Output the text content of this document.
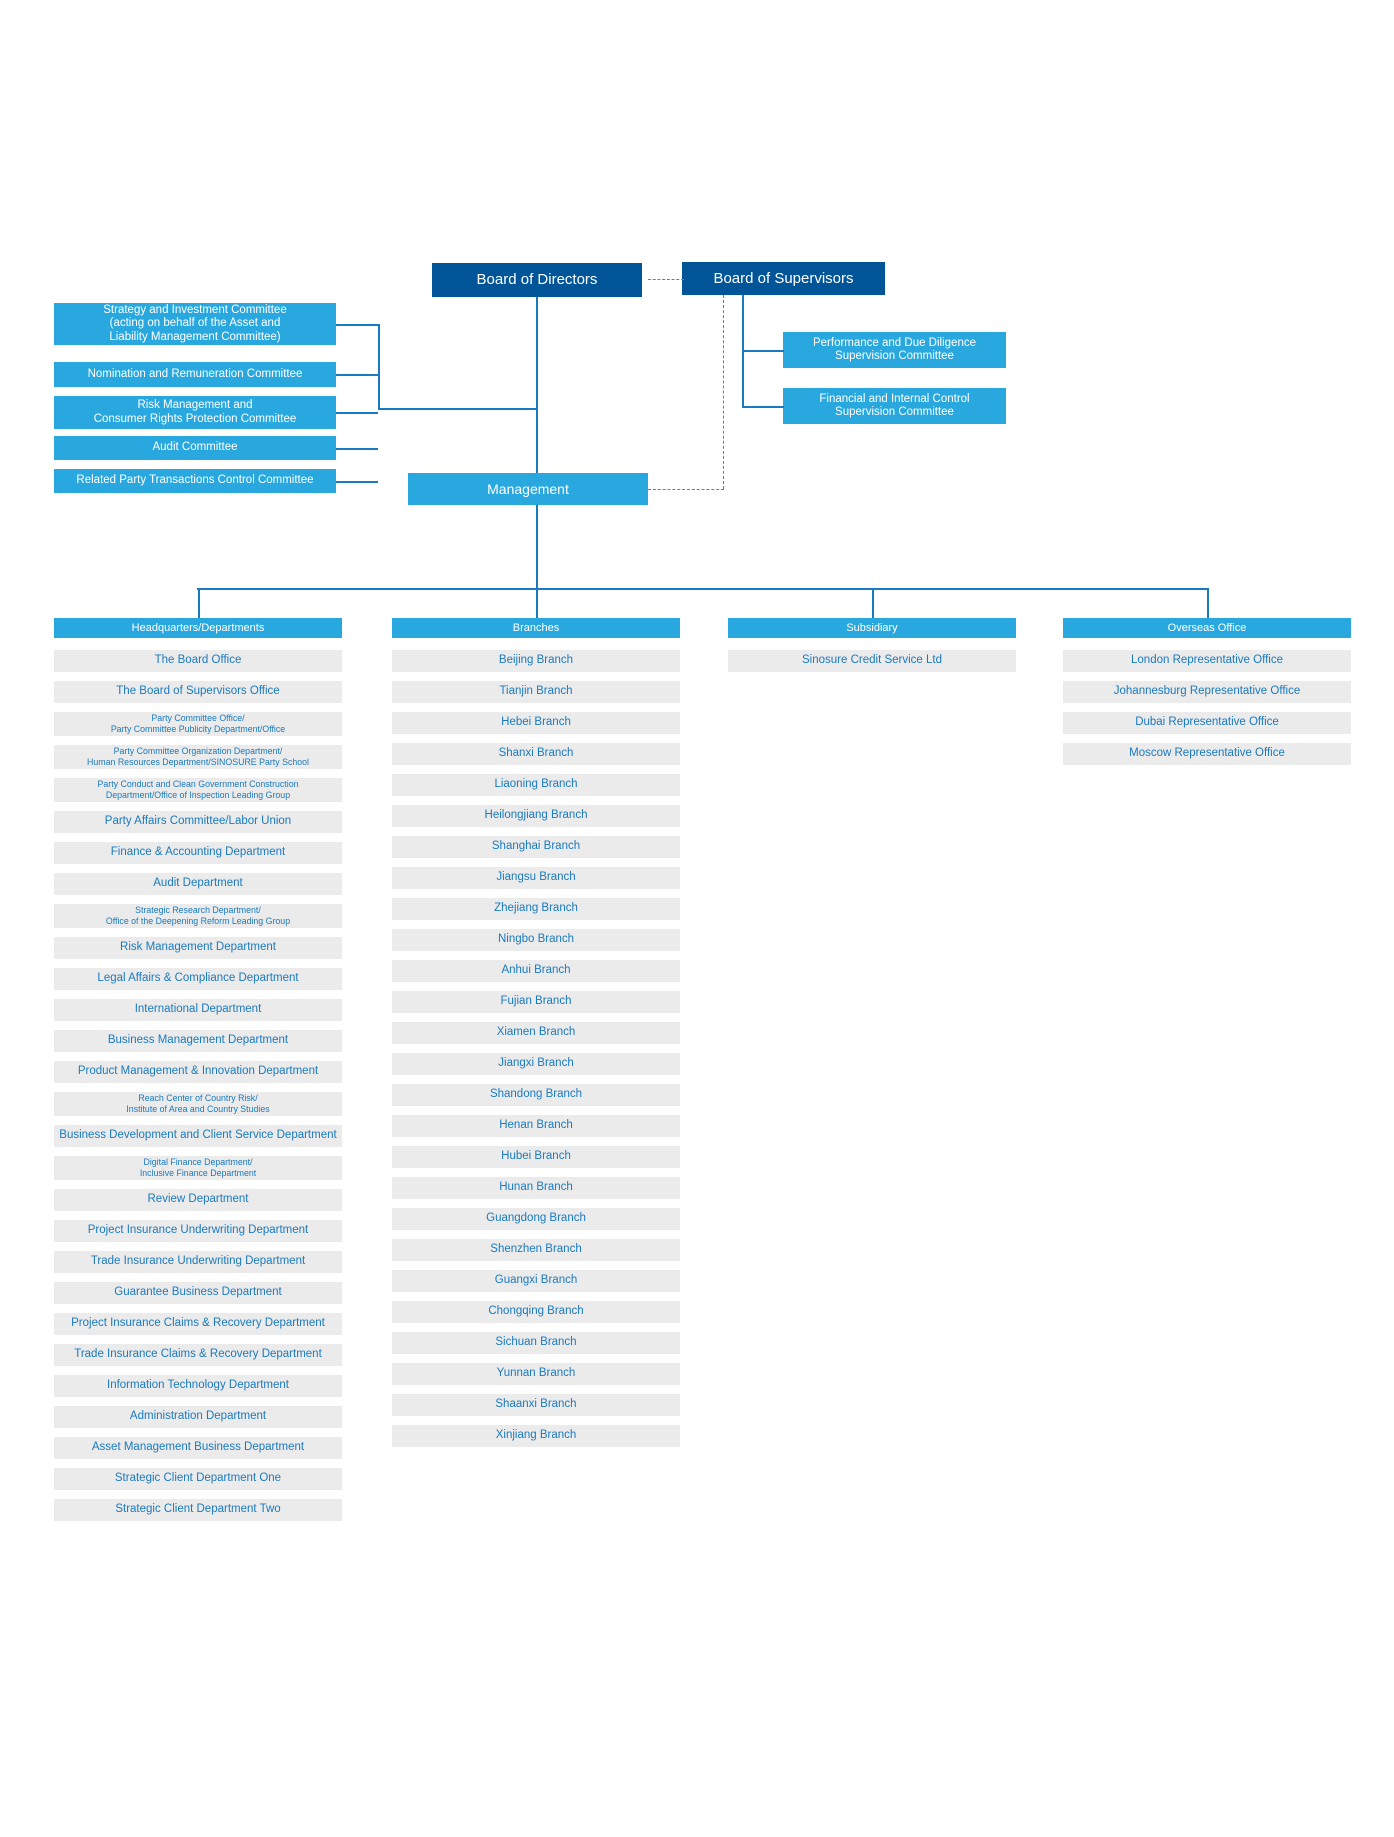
Board of Directors	Board of Supervisors
Management
Strategy and Investment Committee
(acting on behalf of the Asset and
Liability Management Committee)
Nomination and Remuneration Committee
Risk Management and
Consumer Rights Protection Committee
Audit Committee
Related Party Transactions Control Committee
Performance and Due Diligence
Supervision Committee
Financial and Internal Control
Supervision Committee
Headquarters/Departments
The Board Office
The Board of Supervisors Office
Party Committee Office/
Party Committee Publicity Department/Office
Party Committee Organization Department/
Human Resources Department/SINOSURE Party School
Party Conduct and Clean Government Construction
Department/Office of Inspection Leading Group
Party Affairs Committee/Labor Union
Finance & Accounting Department
Audit Department
Strategic Research Department/
Office of the Deepening Reform Leading Group
Risk Management Department
Legal Affairs & Compliance Department
International Department
Business Management Department
Product Management & Innovation Department
Reach Center of Country Risk/
Institute of Area and Country Studies
Business Development and Client Service Department
Digital Finance Department/
Inclusive Finance Department
Review Department
Project Insurance Underwriting Department
Trade Insurance Underwriting Department
Guarantee Business Department
Project Insurance Claims & Recovery Department
Trade Insurance Claims & Recovery Department
Information Technology Department
Administration Department
Asset Management Business Department
Strategic Client Department One
Strategic Client Department Two
Branches
Beijing Branch
Tianjin Branch
Hebei Branch
Shanxi Branch
Liaoning Branch
Heilongjiang Branch
Shanghai Branch
Jiangsu Branch
Zhejiang Branch
Ningbo Branch
Anhui Branch
Fujian Branch
Xiamen Branch
Jiangxi Branch
Shandong Branch
Henan Branch
Hubei Branch
Hunan Branch
Guangdong Branch
Shenzhen Branch
Guangxi Branch
Chongqing Branch
Sichuan Branch
Yunnan Branch
Shaanxi Branch
Xinjiang Branch
Subsidiary
Sinosure Credit Service Ltd
Overseas Office
London Representative Office
Johannesburg Representative Office
Dubai Representative Office
Moscow Representative Office
